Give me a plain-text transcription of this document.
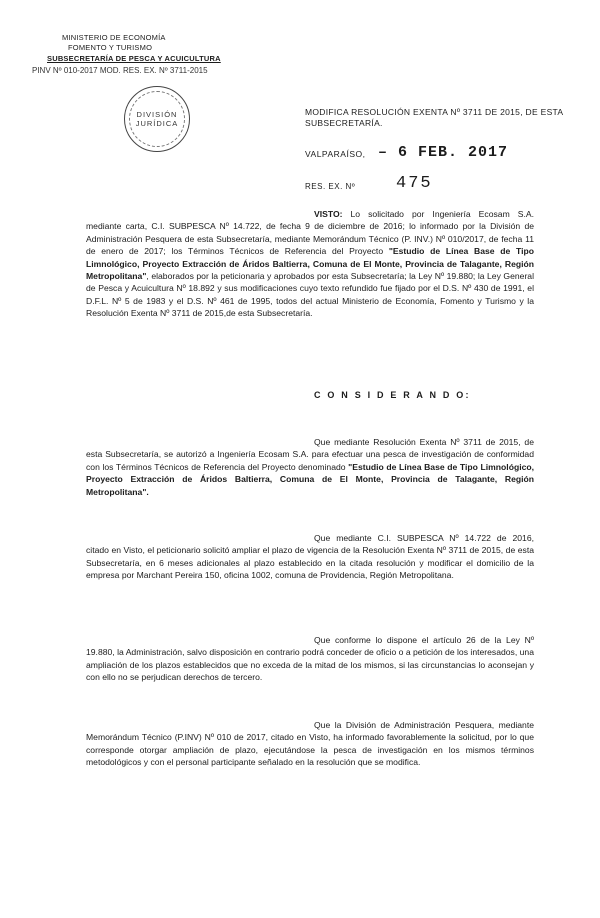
MINISTERIO DE ECONOMÍA
FOMENTO Y TURISMO
SUBSECRETARÍA DE PESCA Y ACUICULTURA
PINV Nº 010-2017 MOD. RES. EX. Nº 3711-2015
DIVISIÓN
JURÍDICA
MODIFICA RESOLUCIÓN EXENTA Nº 3711 DE 2015, DE ESTA SUBSECRETARÍA.
VALPARAÍSO, – 6 FEB. 2017
RES. EX. Nº 475
VISTO: Lo solicitado por Ingeniería Ecosam S.A. mediante carta, C.I. SUBPESCA Nº 14.722, de fecha 9 de diciembre de 2016; lo informado por la División de Administración Pesquera de esta Subsecretaría, mediante Memorándum Técnico (P. INV.) Nº 010/2017, de fecha 11 de enero de 2017; los Términos Técnicos de Referencia del Proyecto "Estudio de Línea Base de Tipo Limnológico, Proyecto Extracción de Áridos Baltierra, Comuna de El Monte, Provincia de Talagante, Región Metropolitana", elaborados por la peticionaria y aprobados por esta Subsecretaría; la Ley Nº 19.880; la Ley General de Pesca y Acuicultura Nº 18.892 y sus modificaciones cuyo texto refundido fue fijado por el D.S. Nº 430 de 1991, el D.F.L. Nº 5 de 1983 y el D.S. Nº 461 de 1995, todos del actual Ministerio de Economía, Fomento y Turismo y la Resolución Exenta Nº 3711 de 2015,de esta Subsecretaría.
C O N S I D E R A N D O:
Que mediante Resolución Exenta Nº 3711 de 2015, de esta Subsecretaría, se autorizó a Ingeniería Ecosam S.A. para efectuar una pesca de investigación de conformidad con los Términos Técnicos de Referencia del Proyecto denominado "Estudio de Línea Base de Tipo Limnológico, Proyecto Extracción de Áridos Baltierra, Comuna de El Monte, Provincia de Talagante, Región Metropolitana".
Que mediante C.I. SUBPESCA Nº 14.722 de 2016, citado en Visto, el peticionario solicitó ampliar el plazo de vigencia de la Resolución Exenta Nº 3711 de 2015, de esta Subsecretaría, en 6 meses adicionales al plazo establecido en la citada resolución y modificar el domicilio de la empresa por Marchant Pereira 150, oficina 1002, comuna de Providencia, Región Metropolitana.
Que conforme lo dispone el artículo 26 de la Ley Nº 19.880, la Administración, salvo disposición en contrario podrá conceder de oficio o a petición de los interesados, una ampliación de los plazos establecidos que no exceda de la mitad de los mismos, si las circunstancias lo aconsejan y con ello no se perjudican derechos de tercero.
Que la División de Administración Pesquera, mediante Memorándum Técnico (P.INV) Nº 010 de 2017, citado en Visto, ha informado favorablemente la solicitud, por lo que corresponde otorgar ampliación de plazo, ejecutándose la pesca de investigación en los mismos términos metodológicos y con el personal participante señalado en la resolución que se modifica.
